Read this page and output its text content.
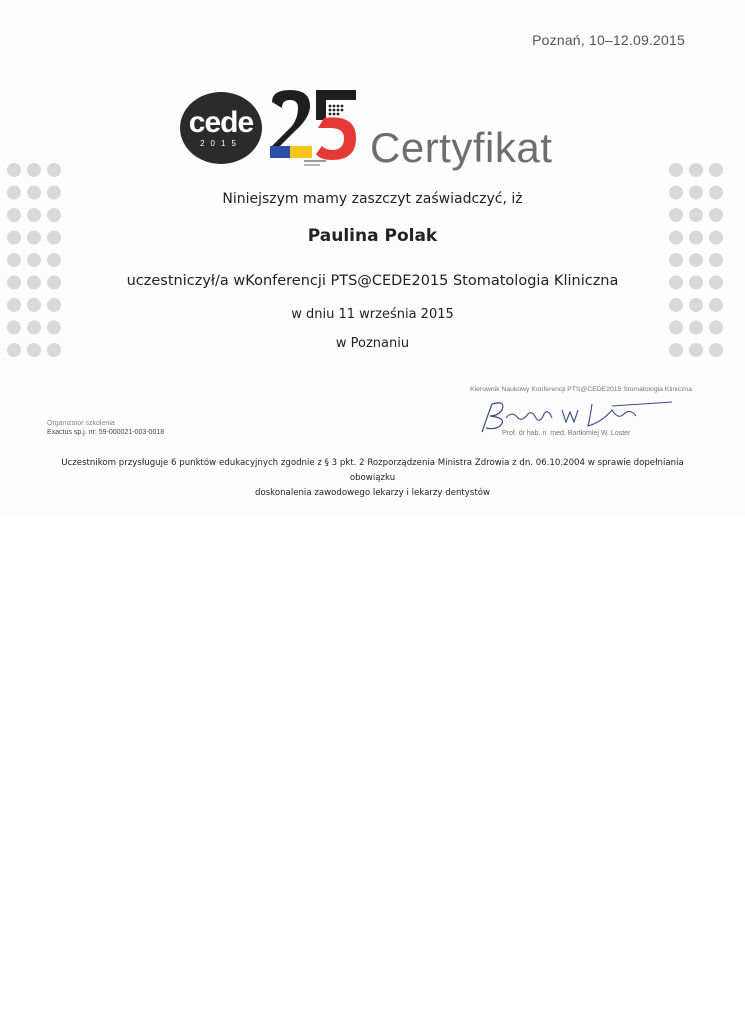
Poznań, 10–12.09.2015
cede
2015	Certyfikat
Niniejszym mamy zaszczyt zaświadczyć, iż
Paulina Polak
uczestniczył/a wKonferencji PTS@CEDE2015 Stomatologia Kliniczna
w dniu 11 września 2015
w Poznaniu
Kierownik Naukowy Konferencji PTS@CEDE2015 Stomatologia Kliniczna
Prof. dr hab. n. med. Bartłomiej W. Loster
Organizator szkolenia
Exactus sp.j. nr: 59-000021-003-0018
Uczestnikom przysługuje 6 punktów edukacyjnych zgodnie z § 3 pkt. 2 Rozporządzenia Ministra Zdrowia z dn. 06.10.2004 w sprawie dopełniania obowiązku
doskonalenia zawodowego lekarzy i lekarzy dentystów
